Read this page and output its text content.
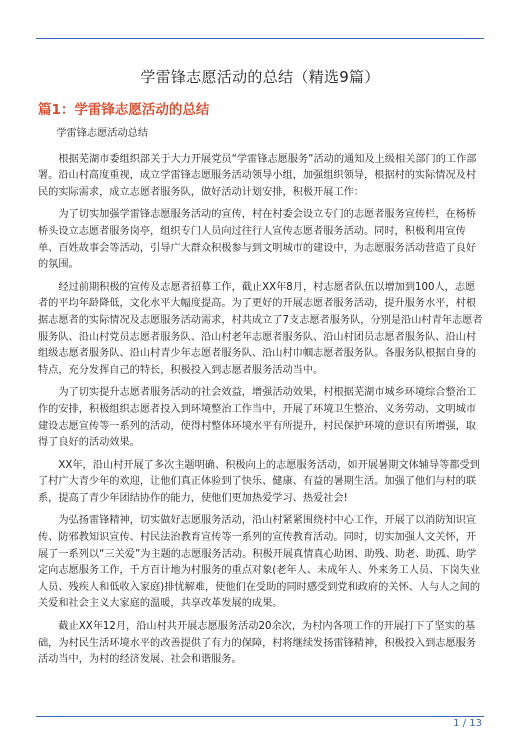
学雷锋志愿活动的总结（精选9篇）
篇1：学雷锋志愿活动的总结

学雷锋志愿活动总结

根据芜湖市委组织部关于大力开展党员“学雷锋志愿服务”活动的通知及上级相关部门的工作部署。沿山村高度重视，成立学雷锋志愿服务活动领导小组，加强组织领导，根据村的实际情况及村民的实际需求，成立志愿者服务队，做好活动计划安排，积极开展工作：

为了切实加强学雷锋志愿服务活动的宣传，村在村委会设立专门的志愿者服务宣传栏，在杨桥桥头设立志愿者服务岗亭，组织专门人员向过往行人宣传志愿者服务活动。同时，积极利用宣传单、百姓故事会等活动，引导广大群众积极参与到文明城市的建设中，为志愿服务活动营造了良好的氛围。

经过前期积极的宣传及志愿者招募工作，截止XX年8月，村志愿者队伍以增加到100人，志愿者的平均年龄降低，文化水平大幅度提高。为了更好的开展志愿者服务活动，提升服务水平，村根据志愿者的实际情况及志愿服务活动需求，村共成立了7支志愿者服务队，分别是沿山村青年志愿者服务队、沿山村党员志愿者服务队、沿山村老年志愿者服务队、沿山村团员志愿者服务队、沿山村组级志愿者服务队、沿山村青少年志愿者服务队、沿山村巾帼志愿者服务队。各服务队根据自身的特点，充分发挥自己的特长，积极投入到志愿者服务活动当中。

为了切实提升志愿者服务活动的社会效益，增强活动效果，村根据芜湖市城乡环境综合整治工作的安排，积极组织志愿者投入到环境整治工作当中，开展了环境卫生整治、义务劳动、文明城市建设志愿宣传等一系列的活动，使得村整体环境水平有所提升，村民保护环境的意识有所增强，取得了良好的活动效果。

XX年，沿山村开展了多次主题明确、积极向上的志愿服务活动，如开展暑期文体辅导等都受到了村广大青少年的欢迎，让他们真正体验到了快乐、健康、有益的暑期生活。加强了他们与村的联系，提高了青少年团结协作的能力，使他们更加热爱学习、热爱社会!

为弘扬雷锋精神，切实做好志愿服务活动，沿山村紧紧围绕村中心工作，开展了以消防知识宣传、防邪教知识宣传、村民法治教育宣传等一系列的宣传教育活动。同时，切实加强人文关怀，开展了一系列以“三关爱”为主题的志愿服务活动。积极开展真情真心助困、助残、助老、助孤、助学定向志愿服务工作，千方百计地为村服务的重点对象(老年人、未成年人、外来务工人员、下岗失业人员、残疾人和低收入家庭)排忧解难，使他们在受助的同时感受到党和政府的关怀、人与人之间的关爱和社会主义大家庭的温暖，共享改革发展的成果。

截止XX年12月，沿山村共开展志愿服务活动20余次，为村内各项工作的开展打下了坚实的基础，为村民生活环境水平的改善提供了有力的保障，村将继续发扬雷锋精神，积极投入到志愿服务活动当中，为村的经济发展、社会和谐服务。

1 / 13
